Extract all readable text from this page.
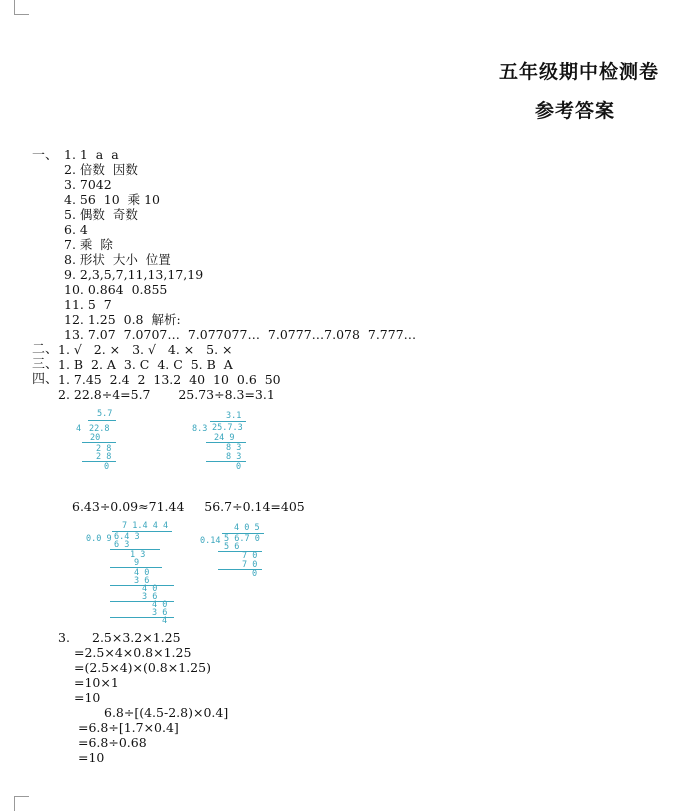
五年级期中检测卷
参考答案
一、 1. 1  a  a
2. 倍数  因数
3. 7042
4. 56  10  乘 10
5. 偶数  奇数
6. 4
7. 乘  除
8. 形状  大小  位置
9. 2,3,5,7,11,13,17,19
10. 0.864  0.855
11. 5  7
12. 1.25  0.8  解析:
13. 7.07  7.0707…  7.077077…  7.0777…7.078  7.777…
二、 1. √   2. ×   3. √   4. ×   5. ×
三、 1. B  2. A  3. C  4. C  5. B  A
四、 1. 7.45  2.4  2  13.2  40  10  0.6  50
2. 22.8÷4=5.7       25.73÷8.3=3.1
5.7
4 22.8
20
2 8
2 8
0
3.1
8.3 25.7.3
24 9
8 3
8 3
0
6.43÷0.09≈71.44     56.7÷0.14=405
7 1.4 4 4
0.0 9 6.4 3
6 3
1 3
9
4 0
3 6
4 0
3 6
4 0
3 6
4
4 0 5
0.14 5 6.7 0
5 6
7 0
7 0
0
3. 2.5×3.2×1.25
=2.5×4×0.8×1.25
=(2.5×4)×(0.8×1.25)
=10×1
=10
6.8÷[(4.5-2.8)×0.4]
=6.8÷[1.7×0.4]
=6.8÷0.68
=10
